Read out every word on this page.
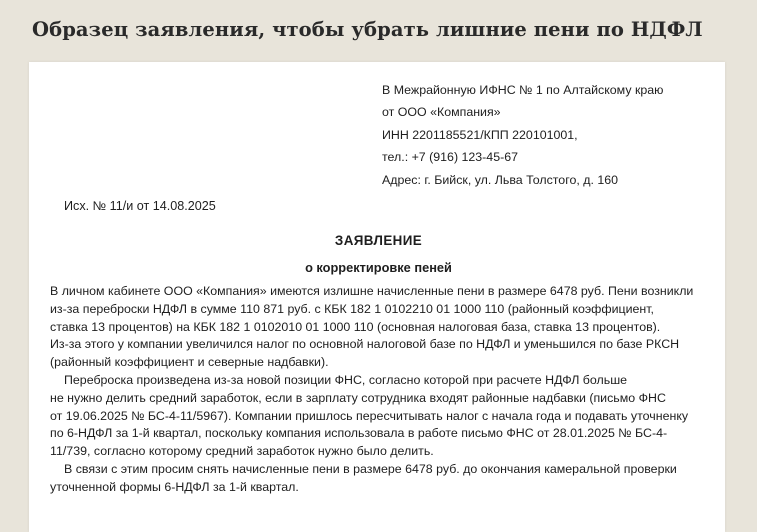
Образец заявления, чтобы убрать лишние пени по НДФЛ
В Межрайонную ИФНС № 1 по Алтайскому краю
от ООО «Компания»
ИНН 2201185521/КПП 220101001,
тел.: +7 (916) 123-45-67
Адрес: г. Бийск, ул. Льва Толстого, д. 160
Исх. № 11/и от 14.08.2025
ЗАЯВЛЕНИЕ
о корректировке пеней
В личном кабинете ООО «Компания» имеются излишне начисленные пени в размере 6478 руб. Пени возникли
из-за переброски НДФЛ в сумме 110 871 руб. с КБК 182 1 0102210 01 1000 110 (районный коэффициент,
ставка 13 процентов) на КБК 182 1 0102010 01 1000 110 (основная налоговая база, ставка 13 процентов).
Из-за этого у компании увеличился налог по основной налоговой базе по НДФЛ и уменьшился по базе РКСН
(районный коэффициент и северные надбавки).
Переброска произведена из-за новой позиции ФНС, согласно которой при расчете НДФЛ больше
не нужно делить средний заработок, если в зарплату сотрудника входят районные надбавки (письмо ФНС
от 19.06.2025 № БС-4-11/5967). Компании пришлось пересчитывать налог с начала года и подавать уточненку
по 6-НДФЛ за 1-й квартал, поскольку компания использовала в работе письмо ФНС от 28.01.2025 № БС-4-
11/739, согласно которому средний заработок нужно было делить.
В связи с этим просим снять начисленные пени в размере 6478 руб. до окончания камеральной проверки
уточненной формы 6-НДФЛ за 1-й квартал.
